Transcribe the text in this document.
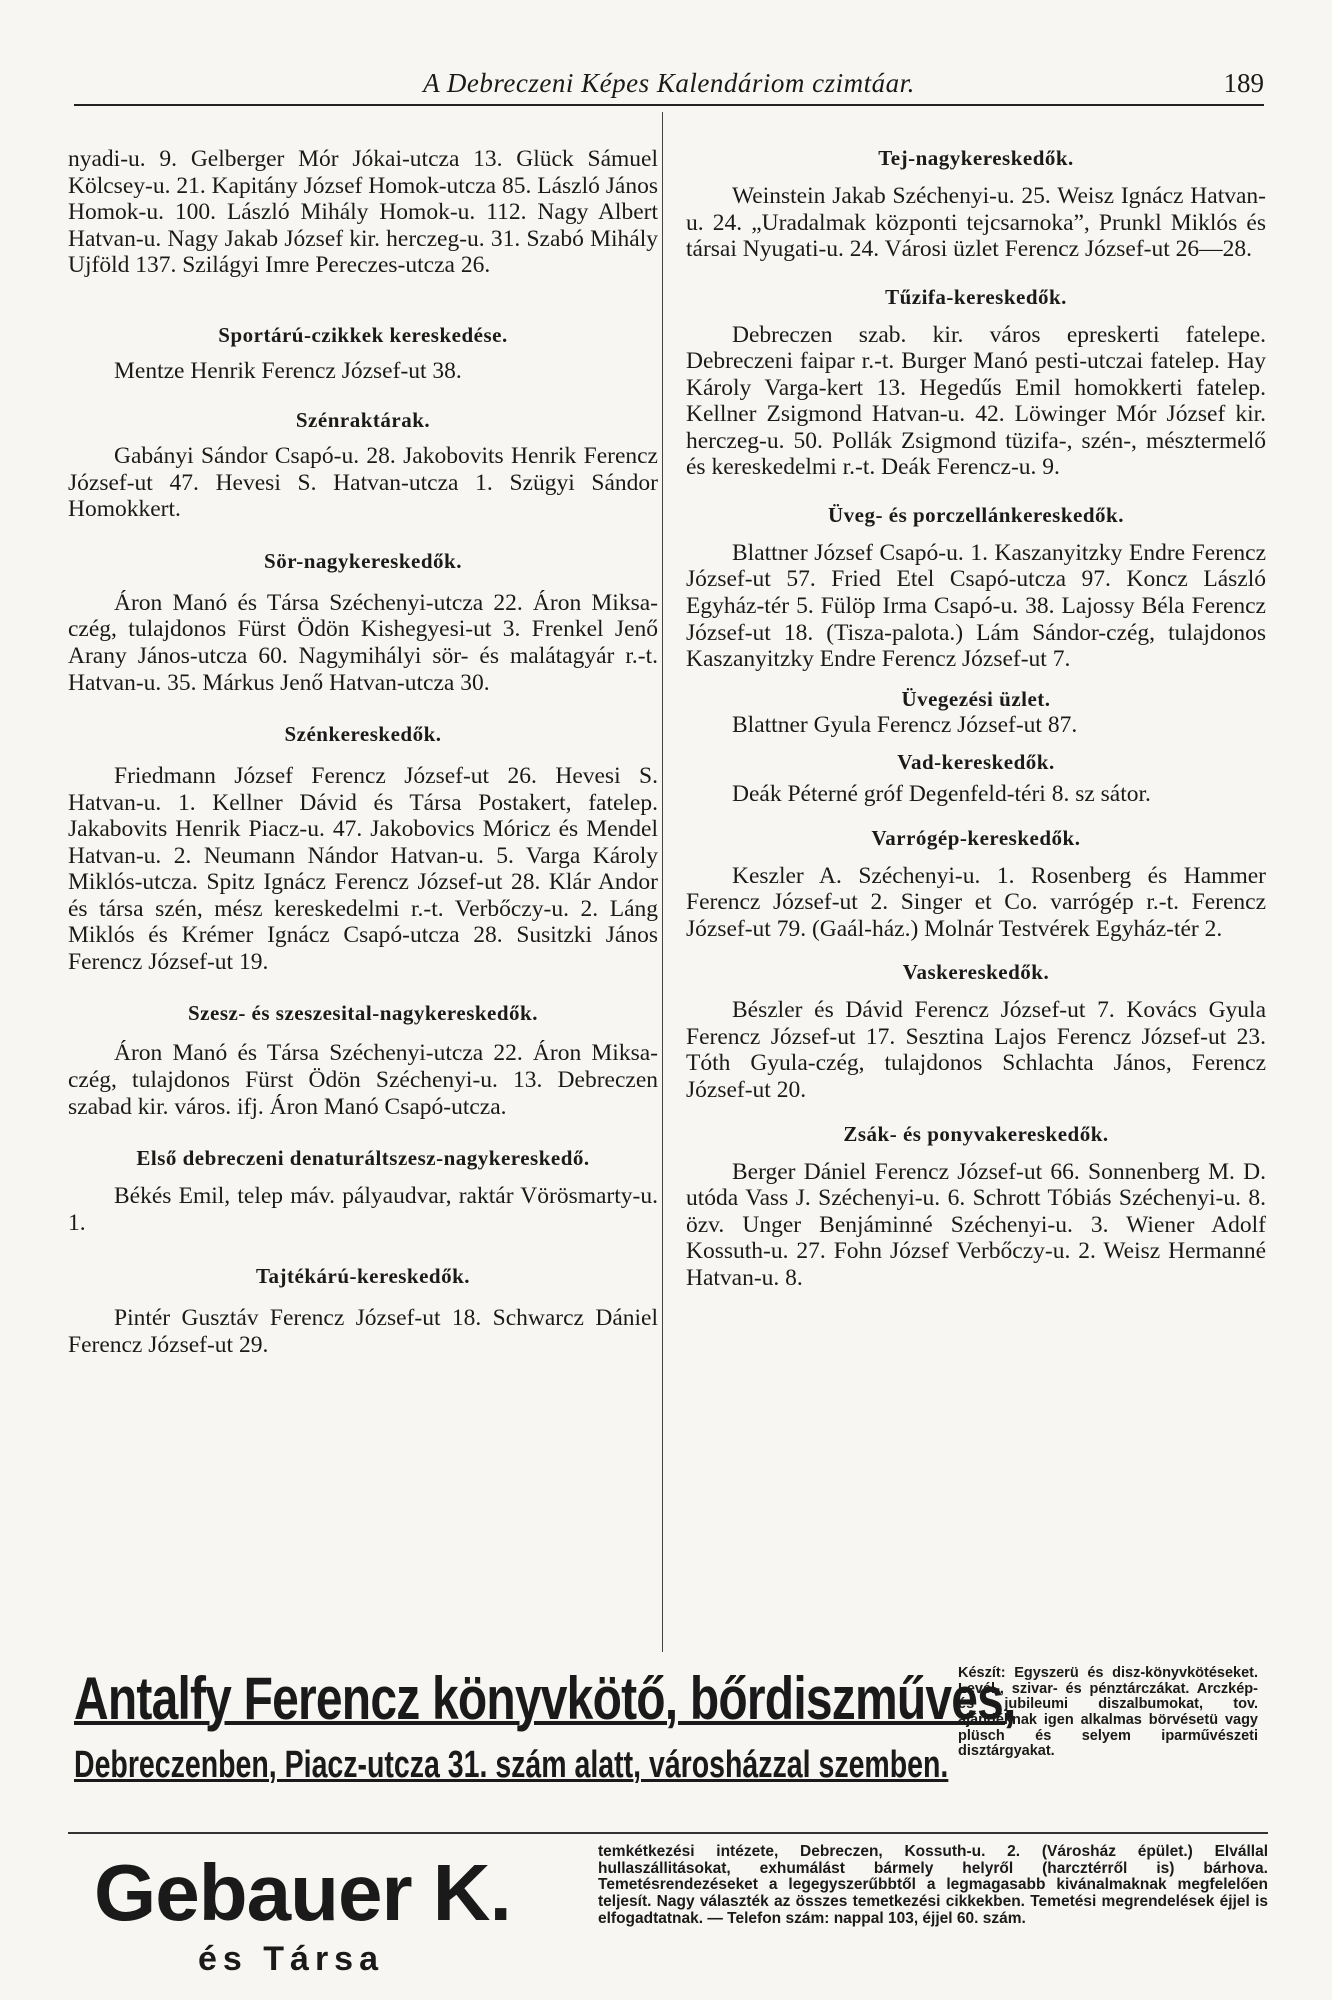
A Debreczeni Képes Kalendáriom czimtáar.	189

nyadi-u. 9. Gelberger Mór Jókai-utcza 13. Glück Sámuel Kölcsey-u. 21. Kapitány József Homok-utcza 85. László János Homok-u. 100. László Mihály Homok-u. 112. Nagy Albert Hatvan-u. Nagy Jakab József kir. herczeg-u. 31. Szabó Mihály Ujföld 137. Szilágyi Imre Pereczes-utcza 26.

Sportárú-czikkek kereskedése.

Mentze Henrik Ferencz József-ut 38.

Szénraktárak.

Gabányi Sándor Csapó-u. 28. Jakobovits Henrik Ferencz József-ut 47. Hevesi S. Hatvan-utcza 1. Szügyi Sándor Homokkert.

Sör-nagykereskedők.

Áron Manó és Társa Széchenyi-utcza 22. Áron Miksa-czég, tulajdonos Fürst Ödön Kishegyesi-ut 3. Frenkel Jenő Arany János-utcza 60. Nagymihályi sör- és malátagyár r.-t. Hatvan-u. 35. Márkus Jenő Hatvan-utcza 30.

Szénkereskedők.

Friedmann József Ferencz József-ut 26. Hevesi S. Hatvan-u. 1. Kellner Dávid és Társa Postakert, fatelep. Jakabovits Henrik Piacz-u. 47. Jakobovics Móricz és Mendel Hatvan-u. 2. Neumann Nándor Hatvan-u. 5. Varga Károly Miklós-utcza. Spitz Ignácz Ferencz József-ut 28. Klár Andor és társa szén, mész kereskedelmi r.-t. Verbőczy-u. 2. Láng Miklós és Krémer Ignácz Csapó-utcza 28. Susitzki János Ferencz József-ut 19.

Szesz- és szeszesital-nagykereskedők.

Áron Manó és Társa Széchenyi-utcza 22. Áron Miksa-czég, tulajdonos Fürst Ödön Széchenyi-u. 13. Debreczen szabad kir. város. ifj. Áron Manó Csapó-utcza.

Első debreczeni denaturáltszesz-nagykereskedő.

Békés Emil, telep máv. pályaudvar, raktár Vörösmarty-u. 1.

Tajtékárú-kereskedők.

Pintér Gusztáv Ferencz József-ut 18. Schwarcz Dániel Ferencz József-ut 29.

Tej-nagykereskedők.

Weinstein Jakab Széchenyi-u. 25. Weisz Ignácz Hatvan-u. 24. „Uradalmak központi tejcsarnoka”, Prunkl Miklós és társai Nyugati-u. 24. Városi üzlet Ferencz József-ut 26—28.

Tűzifa-kereskedők.

Debreczen szab. kir. város epreskerti fatelepe. Debreczeni faipar r.-t. Burger Manó pesti-utczai fatelep. Hay Károly Varga-kert 13. Hegedűs Emil homokkerti fatelep. Kellner Zsigmond Hatvan-u. 42. Löwinger Mór József kir. herczeg-u. 50. Pollák Zsigmond tüzifa-, szén-, mésztermelő és kereskedelmi r.-t. Deák Ferencz-u. 9.

Üveg- és porczellánkereskedők.

Blattner József Csapó-u. 1. Kaszanyitzky Endre Ferencz József-ut 57. Fried Etel Csapó-utcza 97. Koncz László Egyház-tér 5. Fülöp Irma Csapó-u. 38. Lajossy Béla Ferencz József-ut 18. (Tisza-palota.) Lám Sándor-czég, tulajdonos Kaszanyitzky Endre Ferencz József-ut 7.

Üvegezési üzlet.

Blattner Gyula Ferencz József-ut 87.

Vad-kereskedők.

Deák Péterné gróf Degenfeld-téri 8. sz sátor.

Varrógép-kereskedők.

Keszler A. Széchenyi-u. 1. Rosenberg és Hammer Ferencz József-ut 2. Singer et Co. varrógép r.-t. Ferencz József-ut 79. (Gaál-ház.) Molnár Testvérek Egyház-tér 2.

Vaskereskedők.

Bészler és Dávid Ferencz József-ut 7. Kovács Gyula Ferencz József-ut 17. Sesztina Lajos Ferencz József-ut 23. Tóth Gyula-czég, tulajdonos Schlachta János, Ferencz József-ut 20.

Zsák- és ponyvakereskedők.

Berger Dániel Ferencz József-ut 66. Sonnenberg M. D. utóda Vass J. Széchenyi-u. 6. Schrott Tóbiás Széchenyi-u. 8. özv. Unger Benjáminné Széchenyi-u. 3. Wiener Adolf Kossuth-u. 27. Fohn József Verbőczy-u. 2. Weisz Hermanné Hatvan-u. 8.

Antalfy Ferencz könyvkötő, bőrdiszműves,
Debreczenben, Piacz-utcza 31. szám alatt, városházzal szemben.
Készít: Egyszerü és disz-könyvkötéseket. Levél-, szivar- és pénztárczákat. Arczkép- és jubileumi diszalbumokat, tov. ajándéknak igen alkalmas börvésetü vagy plüsch és selyem iparművészeti disztárgyakat.
Gebauer K.
és Társa
temkétkezési intézete, Debreczen, Kossuth-u. 2. (Városház épület.) Elvállal hullaszállitásokat, exhumálást bármely helyről (harcztérről is) bárhova. Temetésrendezéseket a legegyszerűbbtől a legmagasabb kivánalmaknak megfelelően teljesít. Nagy választék az összes temetkezési cikkekben. Temetési megrendelések éjjel is elfogadtatnak. — Telefon szám: nappal 103, éjjel 60. szám.
